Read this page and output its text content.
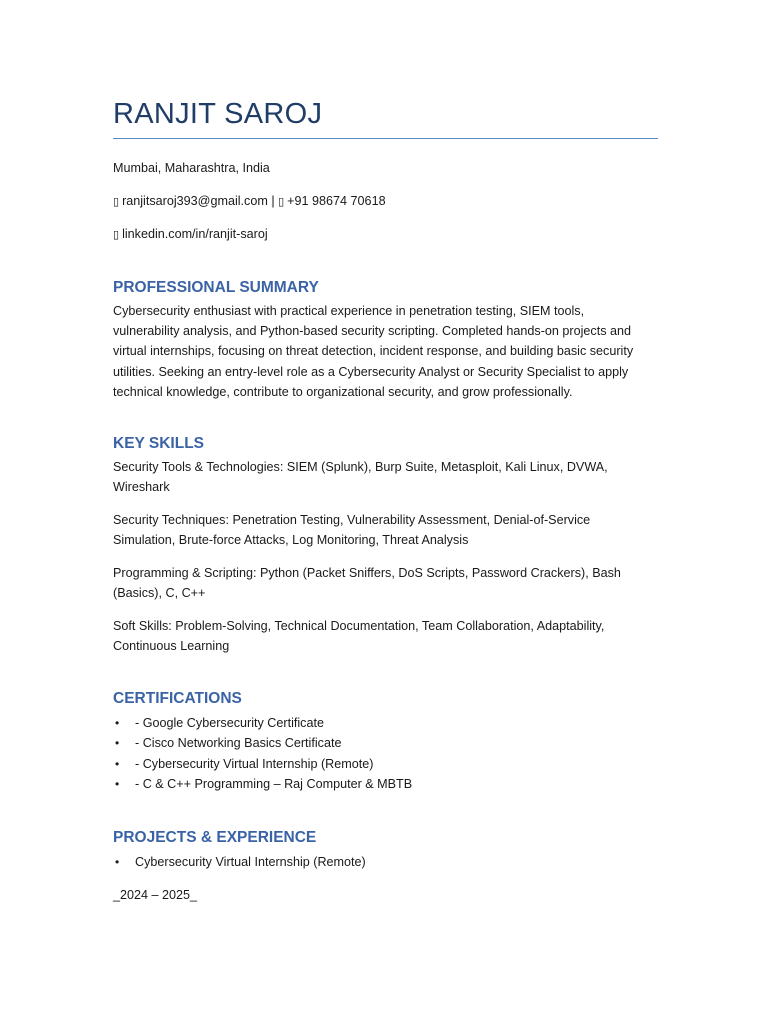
RANJIT SAROJ
Mumbai, Maharashtra, India
▯ ranjitsaroj393@gmail.com | ▯ +91 98674 70618
▯ linkedin.com/in/ranjit-saroj
PROFESSIONAL SUMMARY

Cybersecurity enthusiast with practical experience in penetration testing, SIEM tools, vulnerability analysis, and Python-based security scripting. Completed hands-on projects and virtual internships, focusing on threat detection, incident response, and building basic security utilities. Seeking an entry-level role as a Cybersecurity Analyst or Security Specialist to apply technical knowledge, contribute to organizational security, and grow professionally.

KEY SKILLS

Security Tools & Technologies: SIEM (Splunk), Burp Suite, Metasploit, Kali Linux, DVWA, Wireshark

Security Techniques: Penetration Testing, Vulnerability Assessment, Denial-of-Service Simulation, Brute-force Attacks, Log Monitoring, Threat Analysis

Programming & Scripting: Python (Packet Sniffers, DoS Scripts, Password Crackers), Bash (Basics), C, C++

Soft Skills: Problem-Solving, Technical Documentation, Team Collaboration, Adaptability, Continuous Learning

CERTIFICATIONS
• - Google Cybersecurity Certificate
• - Cisco Networking Basics Certificate
• - Cybersecurity Virtual Internship (Remote)
• - C & C++ Programming – Raj Computer & MBTB
PROJECTS & EXPERIENCE
• Cybersecurity Virtual Internship (Remote)
_2024 – 2025_
